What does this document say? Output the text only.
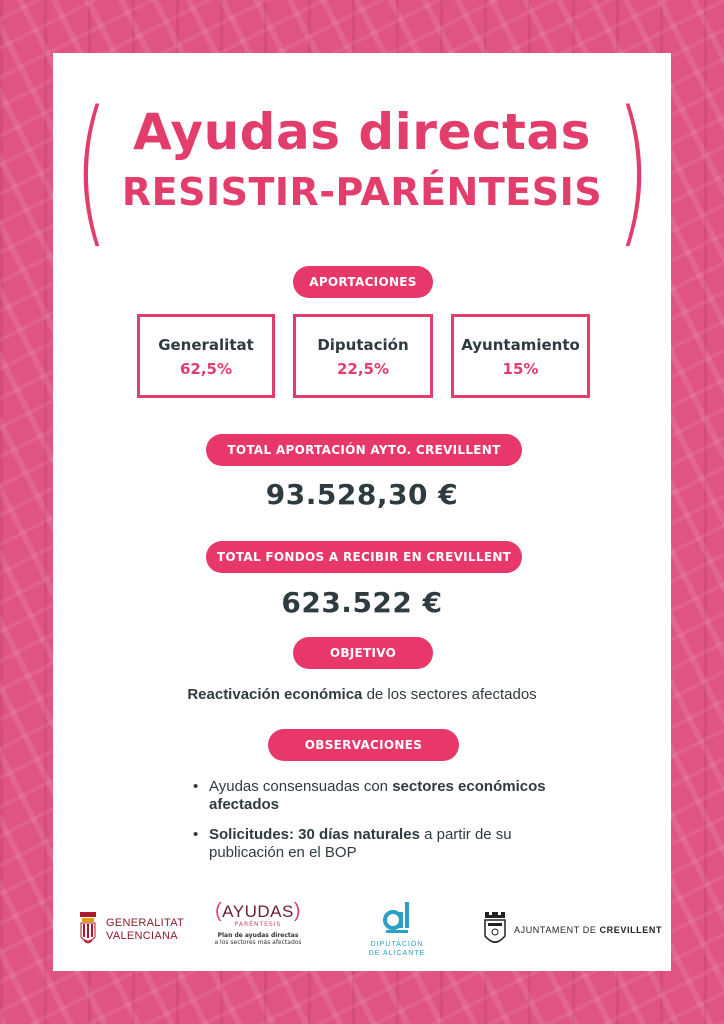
(	)
Ayudas directas
RESISTIR-PARÉNTESIS
APORTACIONES
Generalitat
62,5%
Diputación
22,5%
Ayuntamiento
15%
TOTAL APORTACIÓN AYTO. CREVILLENT
93.528,30 €
TOTAL FONDOS A RECIBIR EN CREVILLENT
623.522 €
OBJETIVO
Reactivación económica de los sectores afectados
OBSERVACIONES
• Ayudas consensuadas con sectores económicos afectados
• Solicitudes: 30 días naturales a partir de su publicación en el BOP
GENERALITAT
VALENCIANA
(AYUDAS)
PARÉNTESIS
Plan de ayudas directas
a los sectores más afectados	DIPUTACIÓN
DE ALICANTE
AJUNTAMENT DE CREVILLENT
